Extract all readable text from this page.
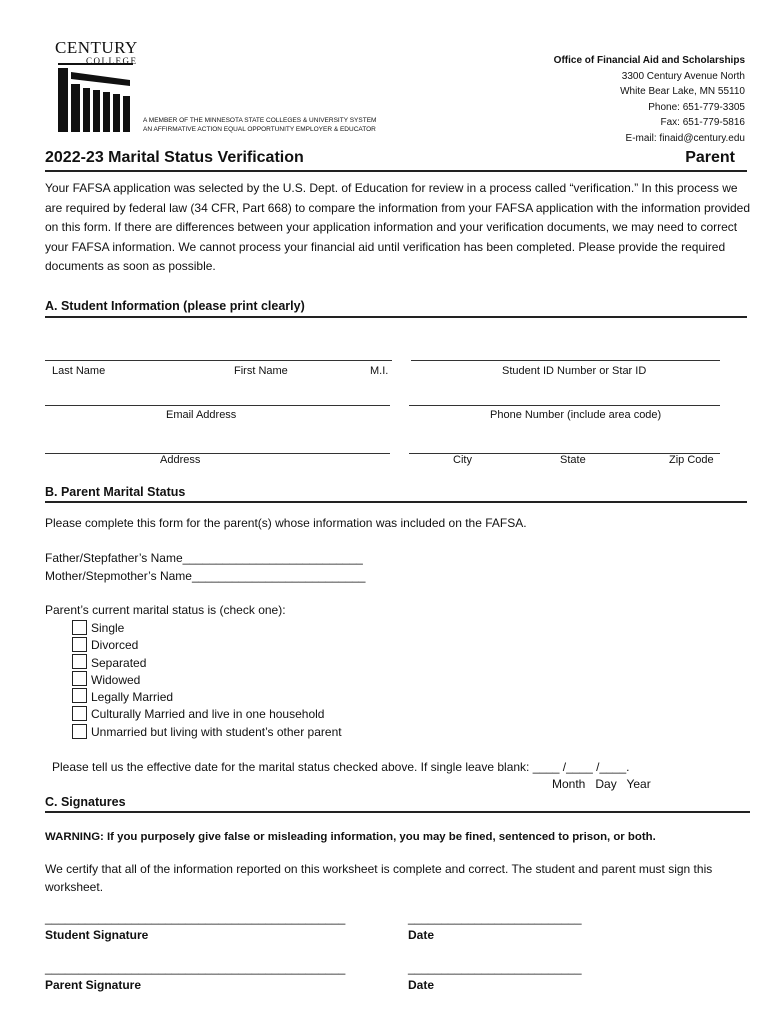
CENTURY
COLLEGE
A MEMBER OF THE MINNESOTA STATE COLLEGES & UNIVERSITY SYSTEM
AN AFFIRMATIVE ACTION EQUAL OPPORTUNITY EMPLOYER & EDUCATOR
Office of Financial Aid and Scholarships
3300 Century Avenue North
White Bear Lake, MN 55110
Phone: 651-779-3305
Fax: 651-779-5816
E-mail: finaid@century.edu
2022-23 Marital Status Verification	Parent
Your FAFSA application was selected by the U.S. Dept. of Education for review in a process called “verification.” In this process we are required by federal law (34 CFR, Part 668) to compare the information from your FAFSA application with the information provided on this form. If there are differences between your application information and your verification documents, we may need to correct your FAFSA information. We cannot process your financial aid until verification has been completed. Please provide the required documents as soon as possible.
A. Student Information (please print clearly)
Last Name	First Name	M.I.	Student ID Number or Star ID
Email Address	Phone Number (include area code)
Address	City	State	Zip Code
B. Parent Marital Status
Please complete this form for the parent(s) whose information was included on the FAFSA.
Father/Stepfather’s Name___________________________
Mother/Stepmother’s Name__________________________
Parent’s current marital status is (check one):
Single
Divorced
Separated
Widowed
Legally Married
Culturally Married and live in one household
Unmarried but living with student’s other parent
Please tell us the effective date for the marital status checked above. If single leave blank: ____ /____ /____.
Month   Day   Year
C. Signatures
WARNING: If you purposely give false or misleading information, you may be fined, sentenced to prison, or both.
We certify that all of the information reported on this worksheet is complete and correct. The student and parent must sign this worksheet.
_____________________________________________	__________________________
Student Signature	Date
_____________________________________________	__________________________
Parent Signature	Date
